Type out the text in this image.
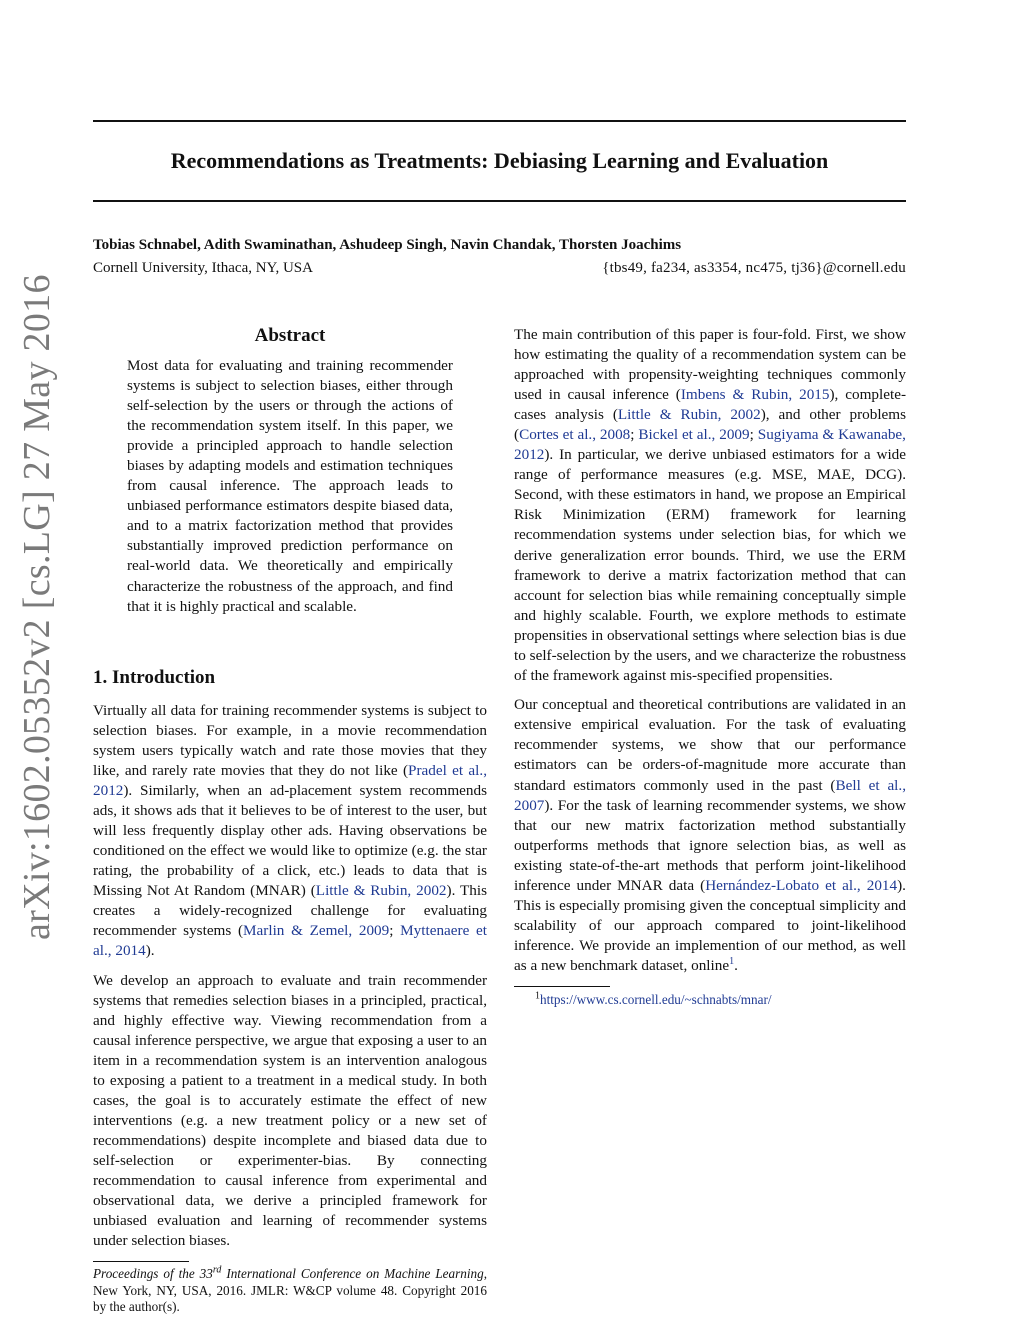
Recommendations as Treatments: Debiasing Learning and Evaluation
Tobias Schnabel, Adith Swaminathan, Ashudeep Singh, Navin Chandak, Thorsten Joachims
Cornell University, Ithaca, NY, USA	{tbs49, fa234, as3354, nc475, tj36}@cornell.edu
arXiv:1602.05352v2 [cs.LG] 27 May 2016	Abstract

Most data for evaluating and training recommender systems is subject to selection biases, either through self-selection by the users or through the actions of the recommendation system itself. In this paper, we provide a principled approach to handle selection biases by adapting models and estimation techniques from causal inference. The approach leads to unbiased performance estimators despite biased data, and to a matrix factorization method that provides substantially improved prediction performance on real-world data. We theoretically and empirically characterize the robustness of the approach, and find that it is highly practical and scalable.

1. Introduction

Virtually all data for training recommender systems is subject to selection biases. For example, in a movie recommendation system users typically watch and rate those movies that they like, and rarely rate movies that they do not like (Pradel et al., 2012). Similarly, when an ad-placement system recommends ads, it shows ads that it believes to be of interest to the user, but will less frequently display other ads. Having observations be conditioned on the effect we would like to optimize (e.g. the star rating, the probability of a click, etc.) leads to data that is Missing Not At Random (MNAR) (Little & Rubin, 2002). This creates a widely-recognized challenge for evaluating recommender systems (Marlin & Zemel, 2009; Myttenaere et al., 2014).

We develop an approach to evaluate and train recommender systems that remedies selection biases in a principled, practical, and highly effective way. Viewing recommendation from a causal inference perspective, we argue that exposing a user to an item in a recommendation system is an intervention analogous to exposing a patient to a treatment in a medical study. In both cases, the goal is to accurately estimate the effect of new interventions (e.g. a new treatment policy or a new set of recommendations) despite incomplete and biased data due to self-selection or experimenter-bias. By connecting recommendation to causal inference from experimental and observational data, we derive a principled framework for unbiased evaluation and learning of recommender systems under selection biases.

Proceedings of the 33rd International Conference on Machine Learning, New York, NY, USA, 2016. JMLR: W&CP volume 48. Copyright 2016 by the author(s).

The main contribution of this paper is four-fold. First, we show how estimating the quality of a recommendation system can be approached with propensity-weighting techniques commonly used in causal inference (Imbens & Rubin, 2015), complete-cases analysis (Little & Rubin, 2002), and other problems (Cortes et al., 2008; Bickel et al., 2009; Sugiyama & Kawanabe, 2012). In particular, we derive unbiased estimators for a wide range of performance measures (e.g. MSE, MAE, DCG). Second, with these estimators in hand, we propose an Empirical Risk Minimization (ERM) framework for learning recommendation systems under selection bias, for which we derive generalization error bounds. Third, we use the ERM framework to derive a matrix factorization method that can account for selection bias while remaining conceptually simple and highly scalable. Fourth, we explore methods to estimate propensities in observational settings where selection bias is due to self-selection by the users, and we characterize the robustness of the framework against mis-specified propensities.

Our conceptual and theoretical contributions are validated in an extensive empirical evaluation. For the task of evaluating recommender systems, we show that our performance estimators can be orders-of-magnitude more accurate than standard estimators commonly used in the past (Bell et al., 2007). For the task of learning recommender systems, we show that our new matrix factorization method substantially outperforms methods that ignore selection bias, as well as existing state-of-the-art methods that perform joint-likelihood inference under MNAR data (Hernández-Lobato et al., 2014). This is especially promising given the conceptual simplicity and scalability of our approach compared to joint-likelihood inference. We provide an implemention of our method, as well as a new benchmark dataset, online$^1$.

$^1$https://www.cs.cornell.edu/~schnabts/mnar/
